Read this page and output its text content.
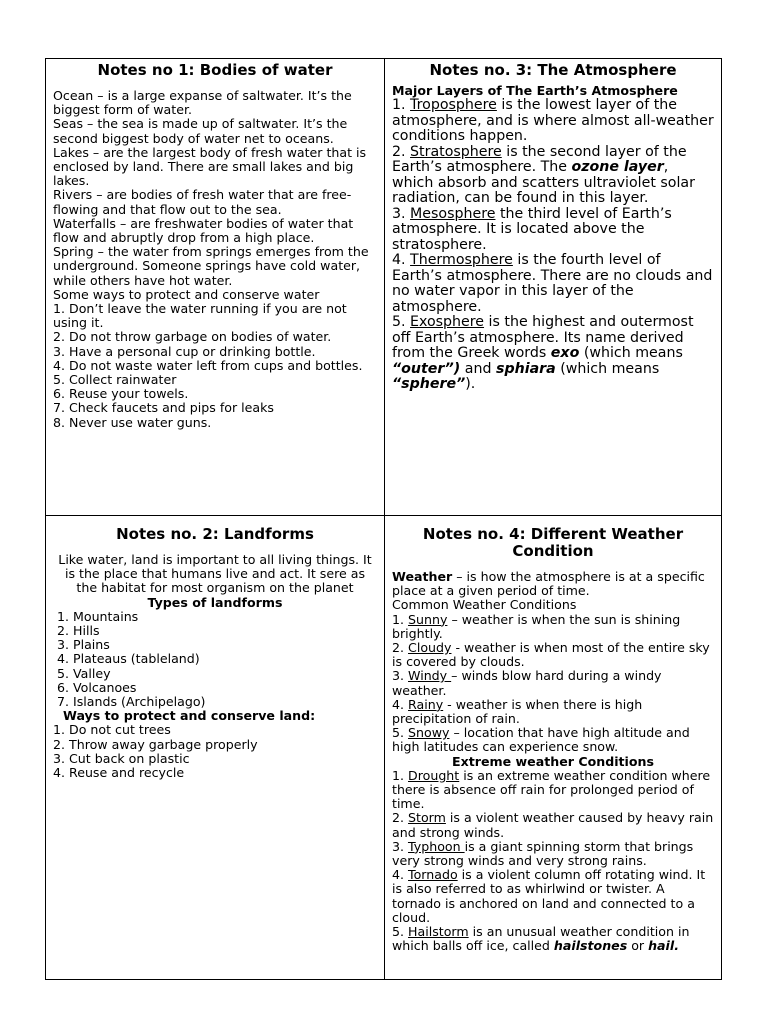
Notes no 1: Bodies of water

Ocean – is a large expanse of saltwater. It’s the biggest form of water.

Seas – the sea is made up of saltwater. It’s the second biggest body of water net to oceans.

Lakes – are the largest body of fresh water that is enclosed by land. There are small lakes and big lakes.

Rivers – are bodies of fresh water that are free-flowing and that flow out to the sea.

Waterfalls – are freshwater bodies of water that flow and abruptly drop from a high place.

Spring – the water from springs emerges from the underground. Someone springs have cold water, while others have hot water.

Some ways to protect and conserve water

1. Don’t leave the water running if you are not using it.

2. Do not throw garbage on bodies of water.

3. Have a personal cup or drinking bottle.

4. Do not waste water left from cups and bottles.

5. Collect rainwater

6. Reuse your towels.

7. Check faucets and pips for leaks

8. Never use water guns.

Notes no. 3: The Atmosphere
Major Layers of The Earth’s Atmosphere

1. Troposphere is the lowest layer of the atmosphere, and is where almost all-weather conditions happen.

2. Stratosphere is the second layer of the Earth’s atmosphere. The ozone layer, which absorb and scatters ultraviolet solar radiation, can be found in this layer.

3. Mesosphere the third level of Earth’s atmosphere. It is located above the stratosphere.

4. Thermosphere is the fourth level of Earth’s atmosphere. There are no clouds and no water vapor in this layer of the atmosphere.

5. Exosphere is the highest and outermost off Earth’s atmosphere. Its name derived from the Greek words exo (which means “outer”) and sphiara (which means “sphere”).

Notes no. 2: Landforms

Like water, land is important to all living things. It is the place that humans live and act. It sere as the habitat for most organism on the planet

Types of landforms

1. Mountains
2. Hills
3. Plains
4. Plateaus (tableland)
5. Valley
6. Volcanoes
7. Islands (Archipelago)

Ways to protect and conserve land:

1. Do not cut trees

2. Throw away garbage properly

3. Cut back on plastic

4. Reuse and recycle

Notes no. 4: Different Weather Condition

Weather – is how the atmosphere is at a specific place at a given period of time.

Common Weather Conditions

1. Sunny – weather is when the sun is shining brightly.

2. Cloudy - weather is when most of the entire sky is covered by clouds.

3. Windy – winds blow hard during a windy weather.

4. Rainy - weather is when there is high precipitation of rain.

5. Snowy – location that have high altitude and high latitudes can experience snow.

Extreme weather Conditions

1. Drought is an extreme weather condition where there is absence off rain for prolonged period of time.

2. Storm is a violent weather caused by heavy rain and strong winds.

3. Typhoon is a giant spinning storm that brings very strong winds and very strong rains.

4. Tornado is a violent column off rotating wind. It is also referred to as whirlwind or twister. A tornado is anchored on land and connected to a cloud.

5. Hailstorm is an unusual weather condition in which balls off ice, called hailstones or hail.
